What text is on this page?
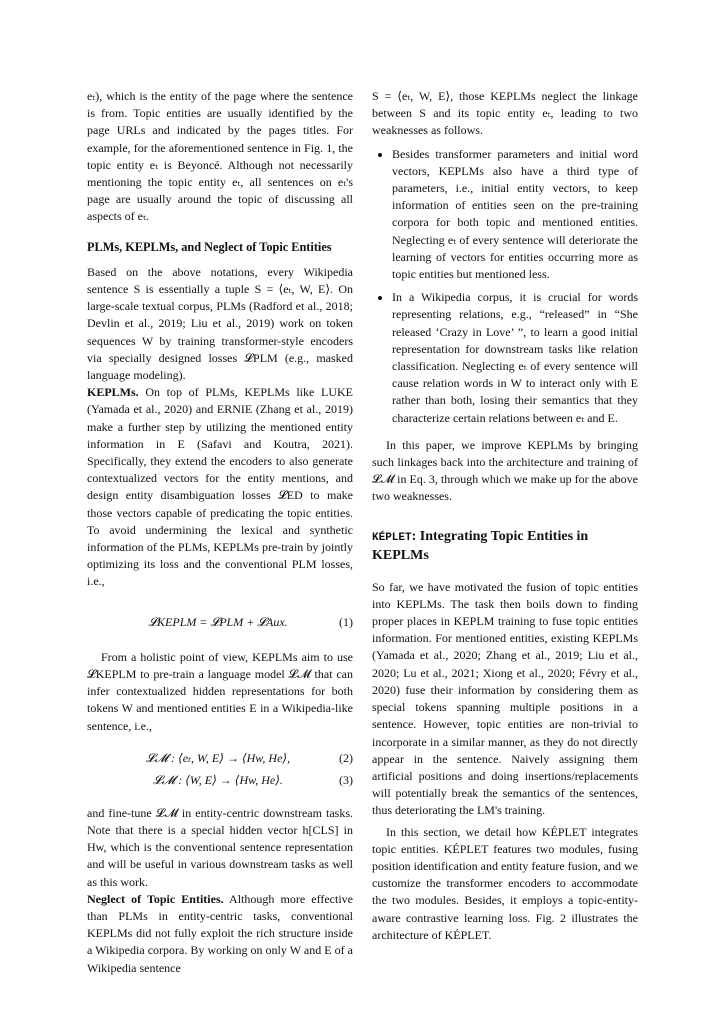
eₜ), which is the entity of the page where the sentence is from. Topic entities are usually identified by the page URLs and indicated by the pages titles. For example, for the aforementioned sentence in Fig. 1, the topic entity eₜ is Beyoncé. Although not necessarily mentioning the topic entity eₜ, all sentences on eₜ's page are usually around the topic of discussing all aspects of eₜ.

PLMs, KEPLMs, and Neglect of Topic Entities

Based on the above notations, every Wikipedia sentence S is essentially a tuple S = ⟨eₜ, W, E⟩. On large-scale textual corpus, PLMs (Radford et al., 2018; Devlin et al., 2019; Liu et al., 2019) work on token sequences W by training transformer-style encoders via specially designed losses 𝓛PLM (e.g., masked language modeling).

KEPLMs. On top of PLMs, KEPLMs like LUKE (Yamada et al., 2020) and ERNIE (Zhang et al., 2019) make a further step by utilizing the mentioned entity information in E (Safavi and Koutra, 2021). Specifically, they extend the encoders to also generate contextualized vectors for the entity mentions, and design entity disambiguation losses 𝓛ED to make those vectors capable of predicating the topic entities. To avoid undermining the lexical and synthetic information of the PLMs, KEPLMs pre-train by jointly optimizing its loss and the conventional PLM losses, i.e.,

𝓛KEPLM = 𝓛PLM + 𝓛Aux.	(1)

From a holistic point of view, KEPLMs aim to use 𝓛KEPLM to pre-train a language model 𝓛𝓜 that can infer contextualized hidden representations for both tokens W and mentioned entities E in a Wikipedia-like sentence, i.e.,

𝓛𝓜 : ⟨eₜ, W, E⟩ → ⟨Hw, He⟩,	(2)
𝓛𝓜 : ⟨W, E⟩ → ⟨Hw, He⟩.	(3)

and fine-tune 𝓛𝓜 in entity-centric downstream tasks. Note that there is a special hidden vector h[CLS] in Hw, which is the conventional sentence representation and will be useful in various downstream tasks as well as this work.

Neglect of Topic Entities. Although more effective than PLMs in entity-centric tasks, conventional KEPLMs did not fully exploit the rich structure inside a Wikipedia corpora. By working on only W and E of a Wikipedia sentence

S = ⟨eₜ, W, E⟩, those KEPLMs neglect the linkage between S and its topic entity eₜ, leading to two weaknesses as follows.

• Besides transformer parameters and initial word vectors, KEPLMs also have a third type of parameters, i.e., initial entity vectors, to keep information of entities seen on the pre-training corpora for both topic and mentioned entities. Neglecting eₜ of every sentence will deteriorate the learning of vectors for entities occurring more as topic entities but mentioned less.
• In a Wikipedia corpus, it is crucial for words representing relations, e.g., “released” in “She released ‘Crazy in Love’ ”, to learn a good initial representation for downstream tasks like relation classification. Neglecting eₜ of every sentence will cause relation words in W to interact only with E rather than both, losing their semantics that they characterize certain relations between eₜ and E.

In this paper, we improve KEPLMs by bringing such linkages back into the architecture and training of 𝓛𝓜 in Eq. 3, through which we make up for the above two weaknesses.

KÉPLET: Integrating Topic Entities in KEPLMs

So far, we have motivated the fusion of topic entities into KEPLMs. The task then boils down to finding proper places in KEPLM training to fuse topic entities information. For mentioned entities, existing KEPLMs (Yamada et al., 2020; Zhang et al., 2019; Liu et al., 2020; Lu et al., 2021; Xiong et al., 2020; Févry et al., 2020) fuse their information by considering them as special tokens spanning multiple positions in a sentence. However, topic entities are non-trivial to incorporate in a similar manner, as they do not directly appear in the sentence. Naively assigning them artificial positions and doing insertions/replacements will potentially break the semantics of the sentences, thus deteriorating the LM's training.

In this section, we detail how KÉPLET integrates topic entities. KÉPLET features two modules, fusing position identification and entity feature fusion, and we customize the transformer encoders to accommodate the two modules. Besides, it employs a topic-entity-aware contrastive learning loss. Fig. 2 illustrates the architecture of KÉPLET.
